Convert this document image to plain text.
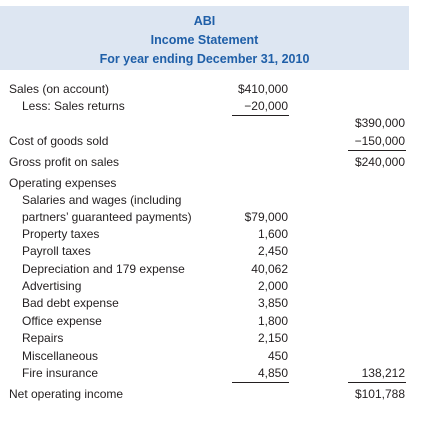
ABI
Income Statement
For year ending December 31, 2010
Sales (on account)	$410,000
Less: Sales returns	−20,000
$390,000
Cost of goods sold	−150,000
Gross profit on sales	$240,000
Operating expenses
Salaries and wages (including
partners’ guaranteed payments)	$79,000
Property taxes	1,600
Payroll taxes	2,450
Depreciation and 179 expense	40,062
Advertising	2,000
Bad debt expense	3,850
Office expense	1,800
Repairs	2,150
Miscellaneous	450
Fire insurance	4,850	138,212
Net operating income	$101,788
